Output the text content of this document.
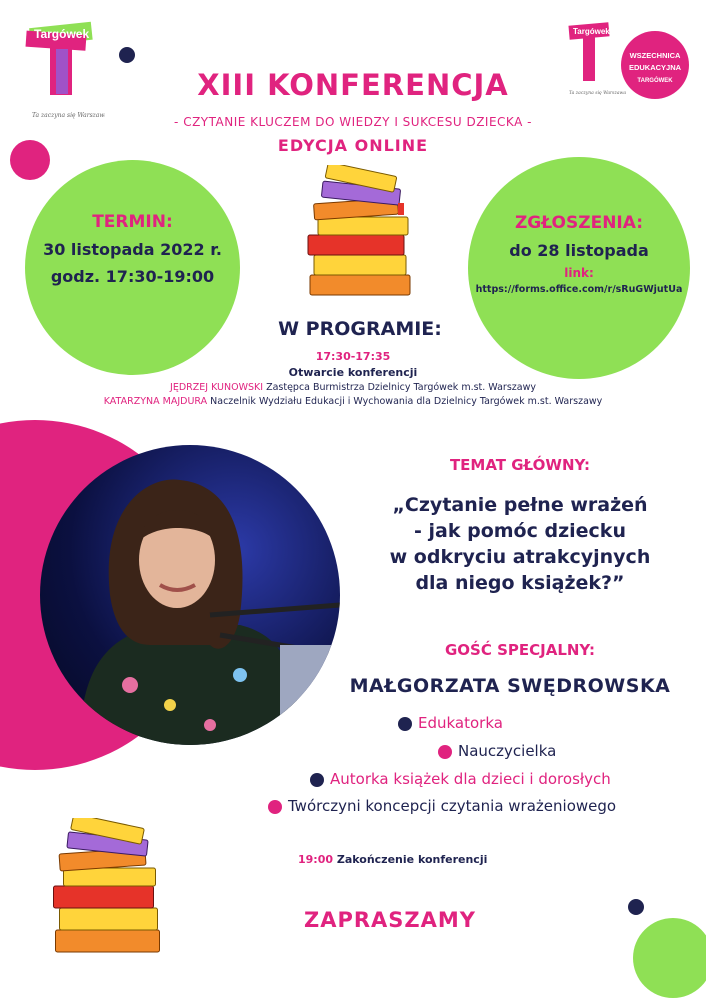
Targówek
Ta zaczyna się Warszawa
Targówek
Ta zaczyna się Warszawa
WSZECHNICA
EDUKACYJNA
TARGÓWEK
XIII KONFERENCJA
- CZYTANIE KLUCZEM DO WIEDZY I SUKCESU DZIECKA -
EDYCJA ONLINE
TERMIN:
30 listopada 2022 r.
godz. 17:30-19:00
ZGŁOSZENIA:
do 28 listopada
link:
https://forms.office.com/r/sRuGWjutUa
W PROGRAMIE:
17:30-17:35
Otwarcie konferencji
JĘDRZEJ KUNOWSKI Zastępca Burmistrza Dzielnicy Targówek m.st. Warszawy
KATARZYNA MAJDURA Naczelnik Wydziału Edukacji i Wychowania dla Dzielnicy Targówek m.st. Warszawy
TEMAT GŁÓWNY:
„Czytanie pełne wrażeń
- jak pomóc dziecku
w odkryciu atrakcyjnych
dla niego książek?”
GOŚĆ SPECJALNY:
MAŁGORZATA SWĘDROWSKA
Edukatorka
Nauczycielka
Autorka książek dla dzieci i dorosłych
Twórczyni koncepcji czytania wrażeniowego
19:00 Zakończenie konferencji
ZAPRASZAMY
